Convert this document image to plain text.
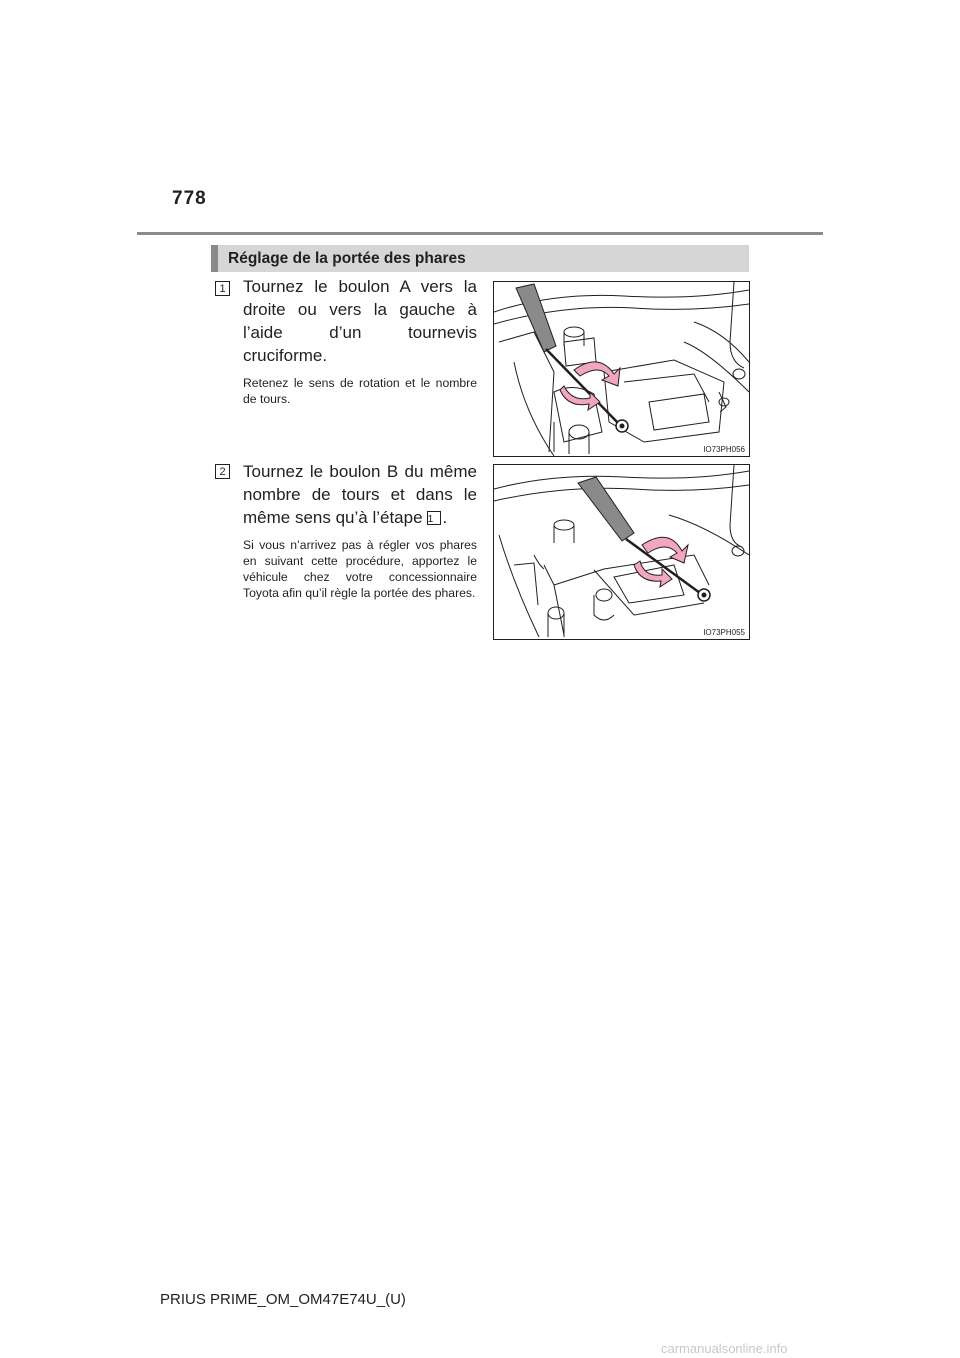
778
Réglage de la portée des phares
1 Tournez le boulon A vers la droite ou vers la gauche à l’aide d’un tournevis cruciforme.
Retenez le sens de rotation et le nombre de tours.
IO73PH056
2 Tournez le boulon B du même nombre de tours et dans le même sens qu’à l’étape 1 .
Si vous n’arrivez pas à régler vos phares en suivant cette procédure, apportez le véhicule chez votre concessionnaire Toyota afin qu’il règle la portée des phares.
IO73PH055
PRIUS PRIME_OM_OM47E74U_(U)
carmanualsonline.info
